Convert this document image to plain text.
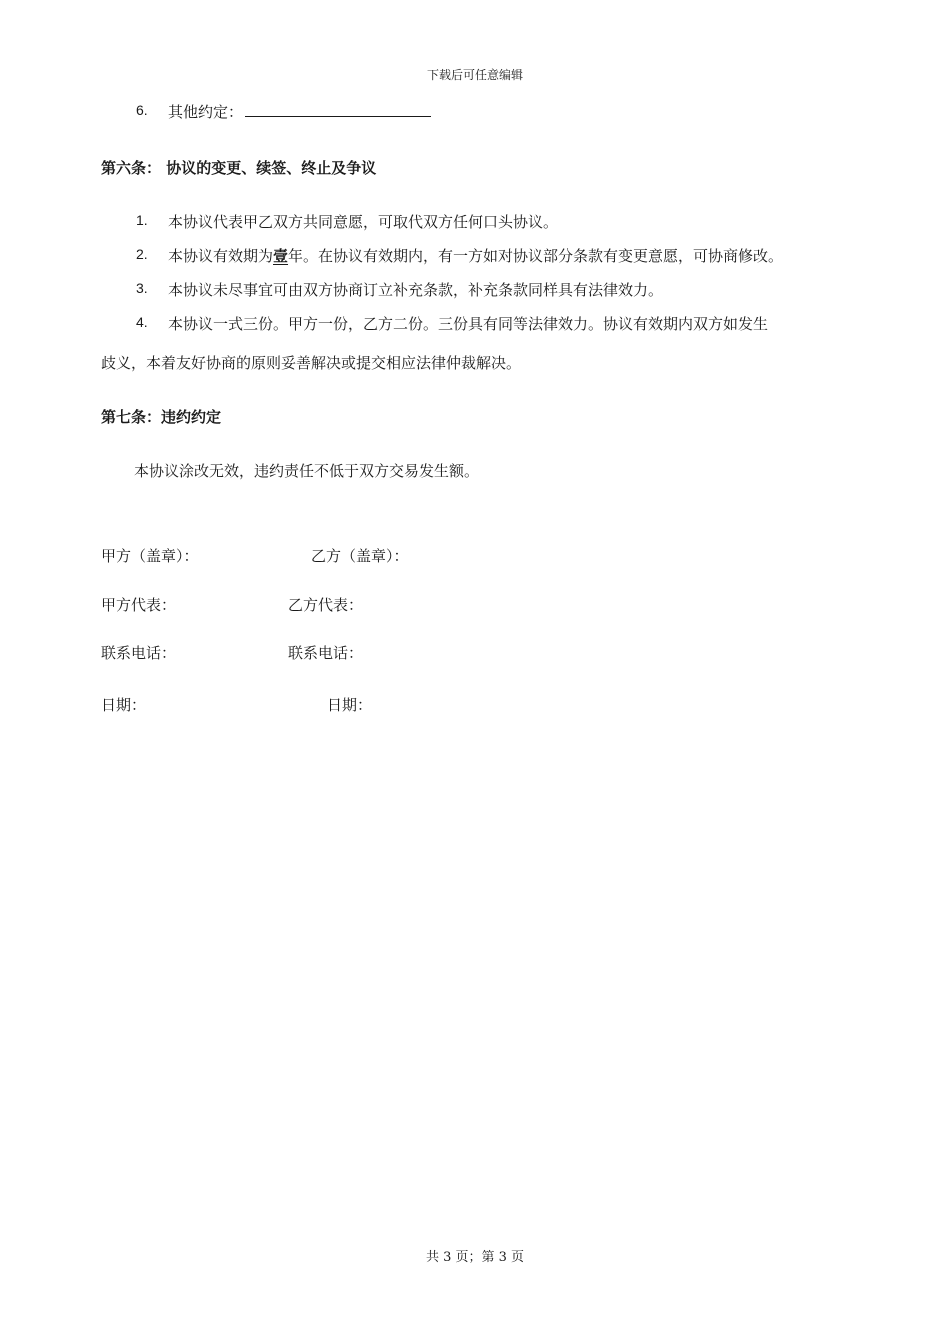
下载后可任意编辑
6. 其他约定：
第六条： 协议的变更、续签、终止及争议
1. 本协议代表甲乙双方共同意愿，可取代双方任何口头协议。
2. 本协议有效期为壹年。在协议有效期内，有一方如对协议部分条款有变更意愿，可协商修改。
3. 本协议未尽事宜可由双方协商订立补充条款，补充条款同样具有法律效力。
4. 本协议一式三份。甲方一份，乙方二份。三份具有同等法律效力。协议有效期内双方如发生
歧义，本着友好协商的原则妥善解决或提交相应法律仲裁解决。
第七条：违约约定
本协议涂改无效，违约责任不低于双方交易发生额。
甲方（盖章）：	乙方（盖章）：
甲方代表：	乙方代表：
联系电话：	联系电话：
日期：	日期：
共 3 页；第 3 页
